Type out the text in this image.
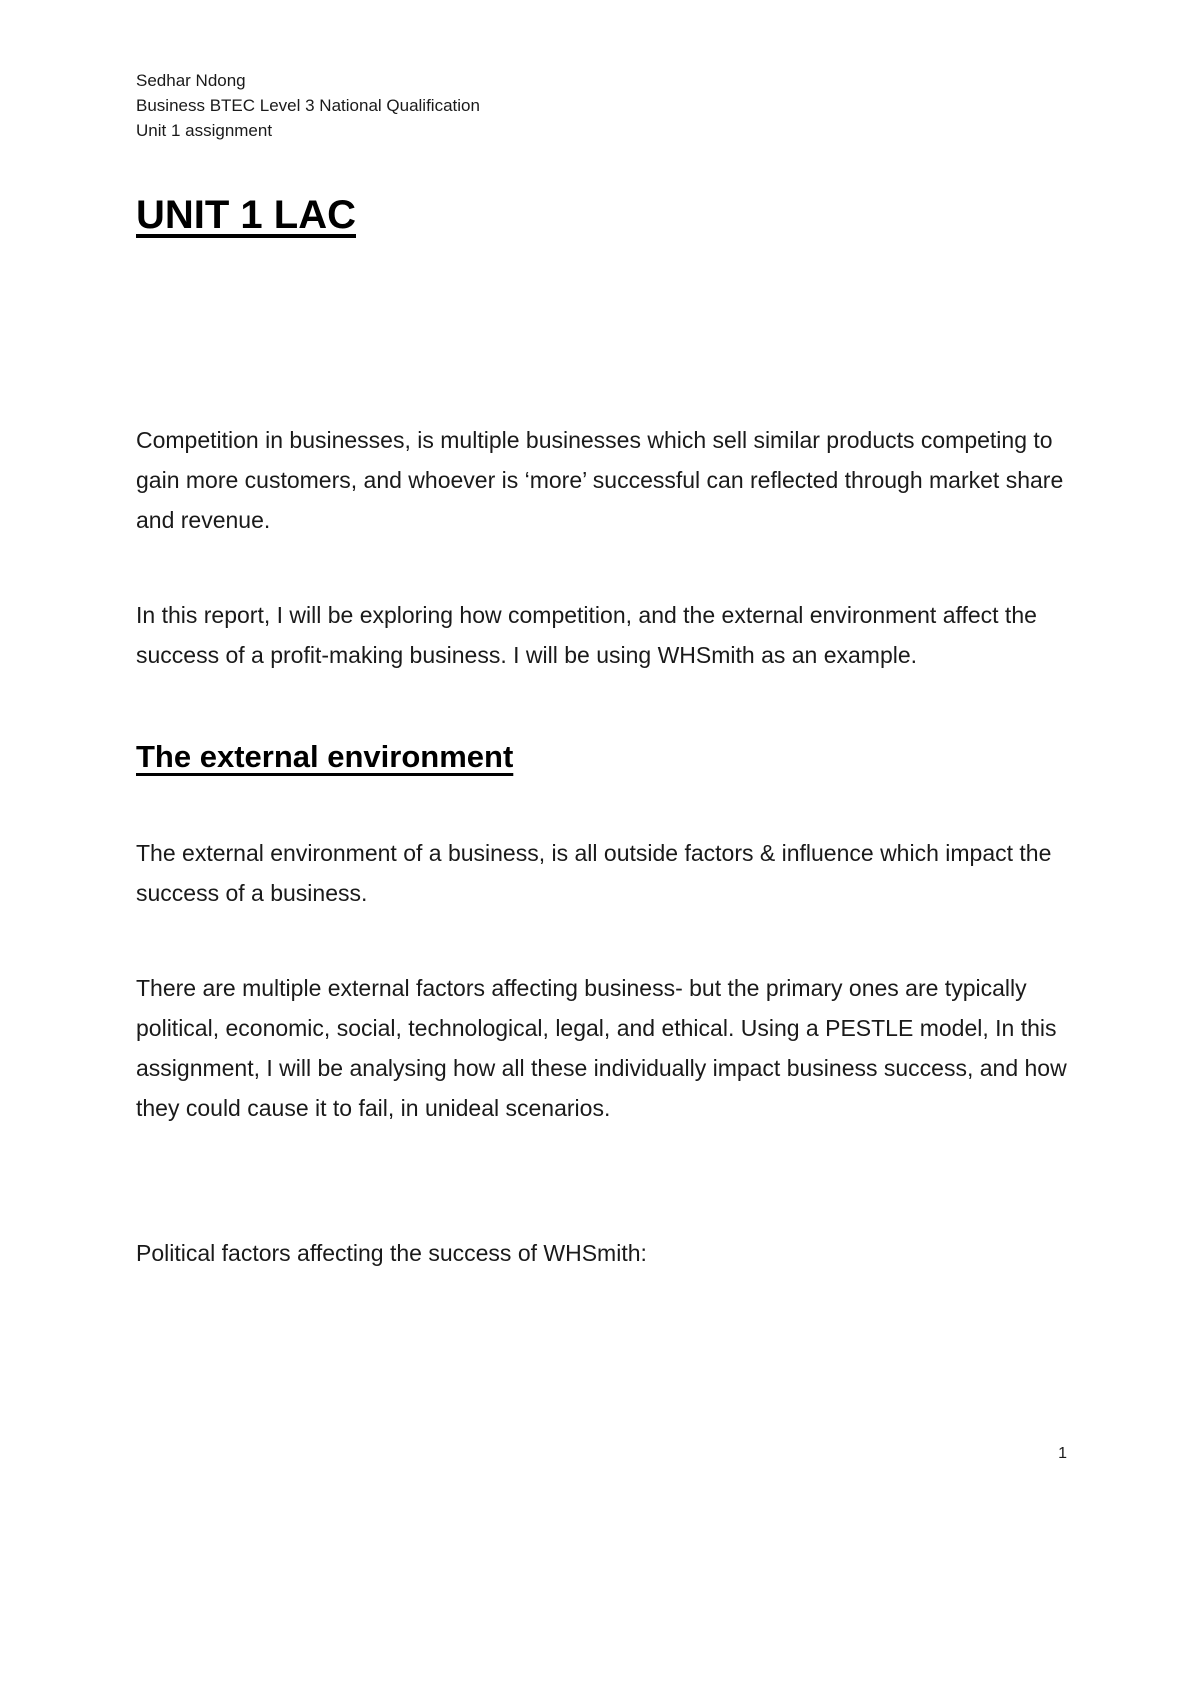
Sedhar Ndong
Business BTEC Level 3 National Qualification
Unit 1 assignment
UNIT 1 LAC

Competition in businesses, is multiple businesses which sell similar products competing to gain more customers, and whoever is ‘more’ successful can reflected through market share and revenue.

In this report, I will be exploring how competition, and the external environment affect the success of a profit-making business. I will be using WHSmith as an example.

The external environment

The external environment of a business, is all outside factors & influence which impact the success of a business.

There are multiple external factors affecting business- but the primary ones are typically political, economic, social, technological, legal, and ethical. Using a PESTLE model, In this assignment, I will be analysing how all these individually impact business success, and how they could cause it to fail, in unideal scenarios.

Political factors affecting the success of WHSmith:

1
